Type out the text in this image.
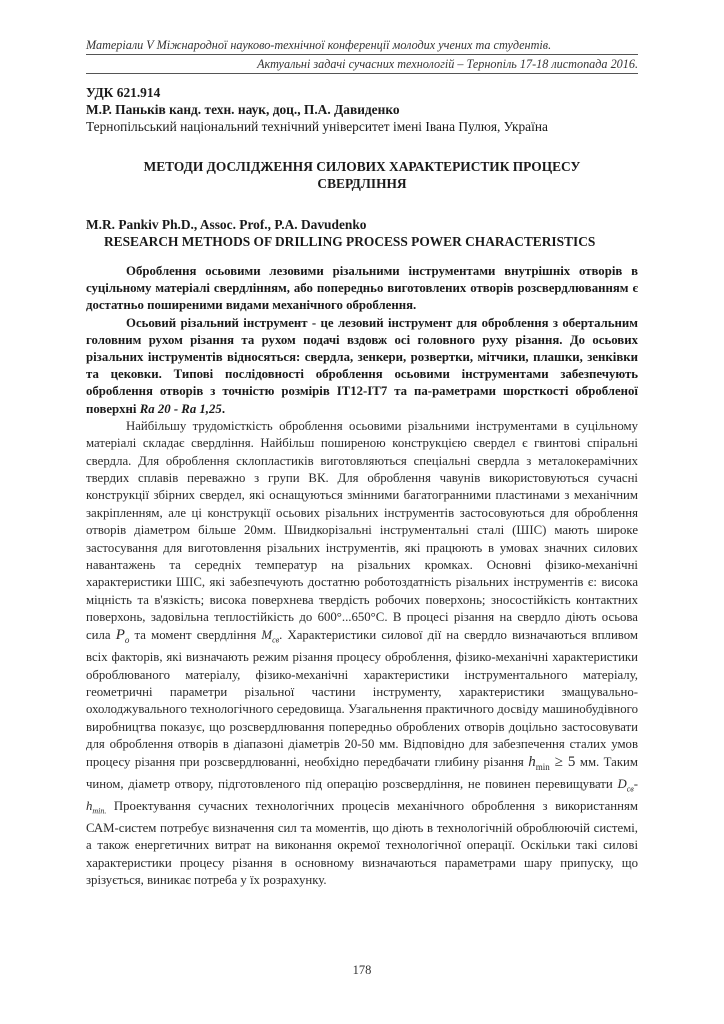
Матеріали V Міжнародної науково-технічної конференції молодих учених та студентів.
Актуальні задачі сучасних технологій – Тернопіль 17-18 листопада 2016.
УДК 621.914
М.Р. Паньків канд. техн. наук, доц., П.А. Давиденко
Тернопільський національний технічний університет імені Івана Пулюя, Україна
МЕТОДИ ДОСЛІДЖЕННЯ СИЛОВИХ ХАРАКТЕРИСТИК ПРОЦЕСУ СВЕРДЛІННЯ
M.R. Pankiv Ph.D., Assoc. Prof., P.A. Davudenko
RESEARCH METHODS OF DRILLING PROCESS POWER CHARACTERISTICS

Оброблення осьовими лезовими різальними інструментами внутрішніх отворів в суцільному матеріалі свердлінням, або попередньо виготовлених отворів розсвердлюванням є достатньо поширеними видами механічного оброблення.

Осьовий різальний інструмент - це лезовий інструмент для оброблення з обертальним головним рухом різання та рухом подачі вздовж осі головного руху різання. До осьових різальних інструментів відносяться: свердла, зенкери, розвертки, мітчики, плашки, зенківки та цековки. Типові послідовності оброблення осьовими інструментами забезпечують оброблення отворів з точністю розмірів ІТ12-ІТ7 та па-раметрами шорсткості обробленої поверхні Ra 20 - Ra 1,25.

Найбільшу трудомісткість оброблення осьовими різальними інструментами в суцільному матеріалі складає свердління. Найбільш поширеною конструкцією свердел є гвинтові спіральні свердла. Для оброблення склопластиків виготовляються спеціальні свердла з металокерамічних твердих сплавів переважно з групи ВК. Для оброблення чавунів використовуються сучасні конструкції збірних свердел, які оснащуються змінними багатогранними пластинами з механічним закріпленням, але ці конструкції осьових різальних інструментів застосовуються для оброблення отворів діаметром більше 20мм. Швидкорізальні інструментальні сталі (ШІС) мають широке застосування для виготовлення різальних інструментів, які працюють в умовах значних силових навантажень та середніх температур на різальних кромках. Основні фізико-механічні характеристики ШІС, які забезпечують достатню роботоздатність різальних інструментів є: висока міцність та в'язкість; висока поверхнева твердість робочих поверхонь; зносостійкість контактних поверхонь, задовільна теплостійкість до 600°...650°С. В процесі різання на свердло діють осьова сила $P_o$ та момент свердління $M_{св}$. Характеристики силової дії на свердло визначаються впливом всіх факторів, які визначають режим різання процесу оброблення, фізико-механічні характеристики оброблюваного матеріалу, фізико-механічні характеристики інструментального матеріалу, геометричні параметри різальної частини інструменту, характеристики змащувально-охолоджувального технологічного середовища. Узагальнення практичного досвіду машинобудівного виробництва показує, що розсвердлювання попередньо оброблених отворів доцільно застосовувати для оброблення отворів в діапазоні діаметрів 20-50 мм. Відповідно для забезпечення сталих умов процесу різання при розсвердлюванні, необхідно передбачати глибину різання $h_{min} \ge 5$ мм. Таким чином, діаметр отвору, підготовленого під операцію розсвердління, не повинен перевищувати $D_{св}-h_{min.}$ Проектування сучасних технологічних процесів механічного оброблення з використанням САМ-систем потребує визначення сил та моментів, що діють в технологічній оброблюючій системі, а також енергетичних витрат на виконання окремої технологічної операції. Оскільки такі силові характеристики процесу різання в основному визначаються параметрами шару припуску, що зрізується, виникає потреба у їх розрахунку.

178
